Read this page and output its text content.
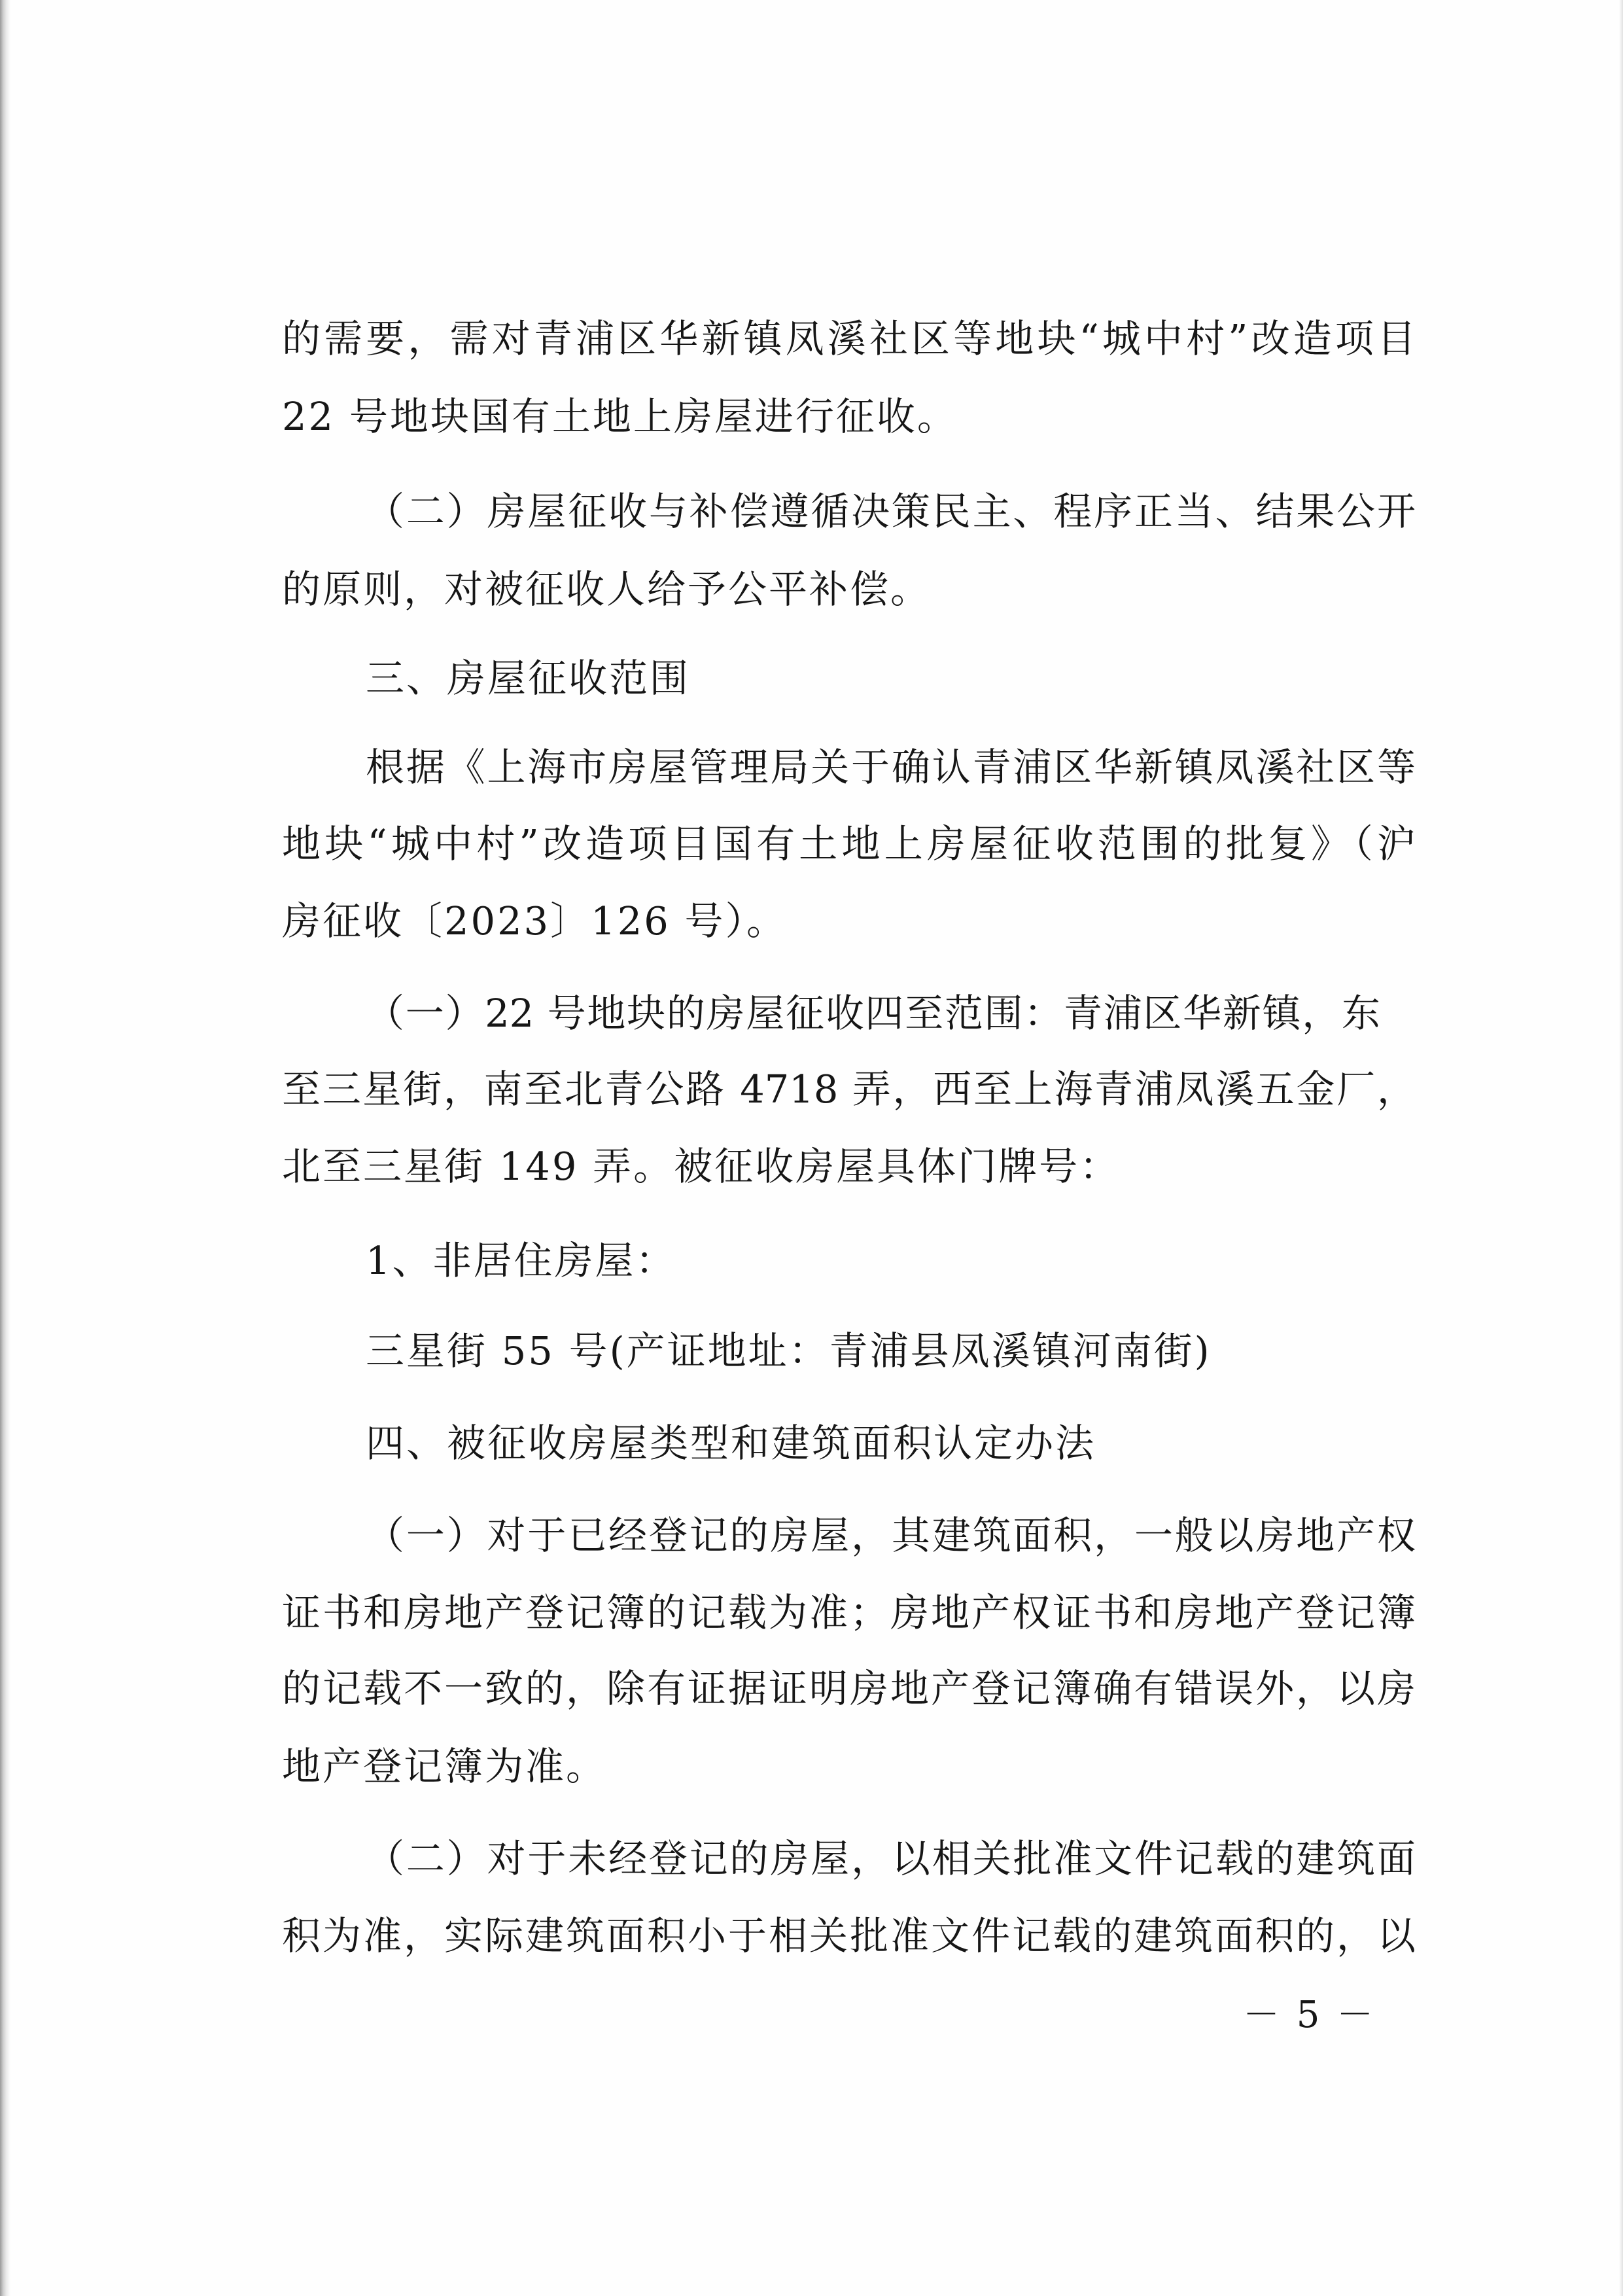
的需要，需对青浦区华新镇凤溪社区等地块“城中村”改造项目
22 号地块国有土地上房屋进行征收。
（二）房屋征收与补偿遵循决策民主、程序正当、结果公开
的原则，对被征收人给予公平补偿。
三、房屋征收范围
根据《上海市房屋管理局关于确认青浦区华新镇凤溪社区等
地块“城中村”改造项目国有土地上房屋征收范围的批复》（沪
房征收〔2023〕126 号）。
（一）22 号地块的房屋征收四至范围：青浦区华新镇，东
至三星街，南至北青公路 4718 弄，西至上海青浦凤溪五金厂，
北至三星街 149 弄。被征收房屋具体门牌号：
1、非居住房屋：
三星街 55 号(产证地址：青浦县凤溪镇河南街)
四、被征收房屋类型和建筑面积认定办法
（一）对于已经登记的房屋，其建筑面积，一般以房地产权
证书和房地产登记簿的记载为准；房地产权证书和房地产登记簿
的记载不一致的，除有证据证明房地产登记簿确有错误外，以房
地产登记簿为准。
（二）对于未经登记的房屋，以相关批准文件记载的建筑面
积为准，实际建筑面积小于相关批准文件记载的建筑面积的，以
－ 5 －
